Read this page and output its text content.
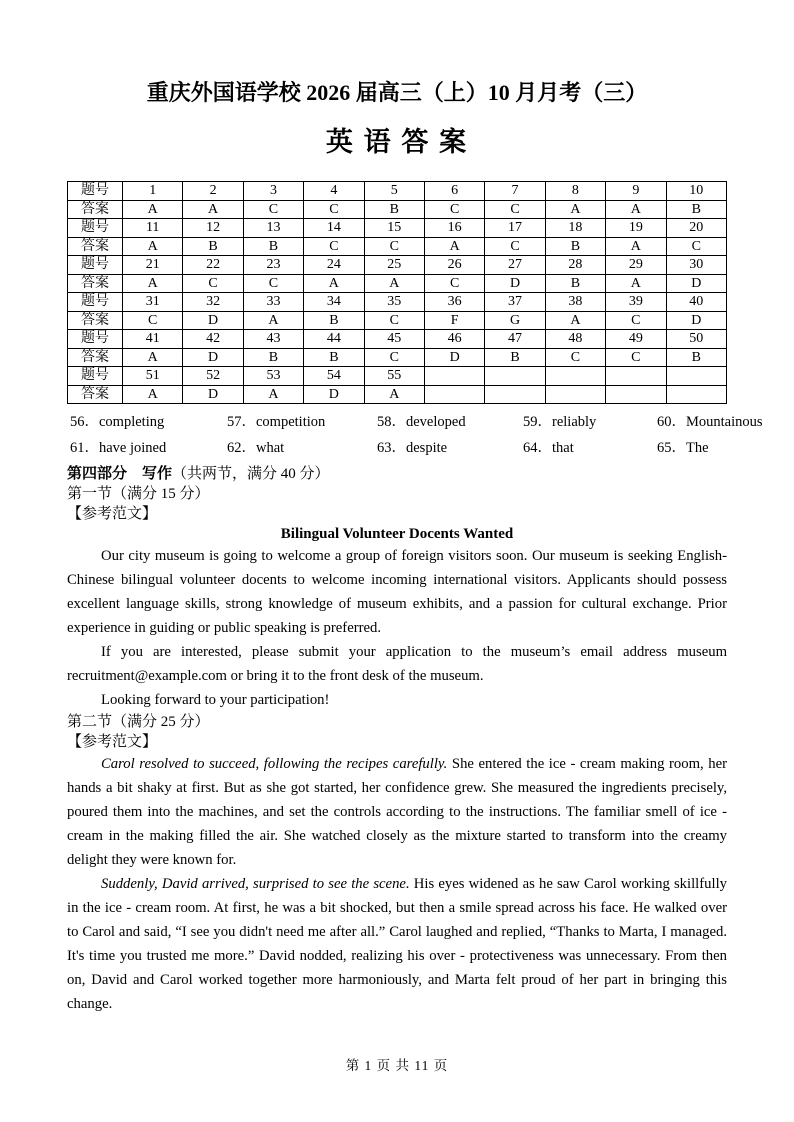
重庆外国语学校 2026 届高三（上）10 月月考（三）
英 语 答 案
题号	1	2	3	4	5	6	7	8	9	10
答案	A	A	C	C	B	C	C	A	A	B
题号	11	12	13	14	15	16	17	18	19	20
答案	A	B	B	C	C	A	C	B	A	C
题号	21	22	23	24	25	26	27	28	29	30
答案	A	C	C	A	A	C	D	B	A	D
题号	31	32	33	34	35	36	37	38	39	40
答案	C	D	A	B	C	F	G	A	C	D
题号	41	42	43	44	45	46	47	48	49	50
答案	A	D	B	B	C	D	B	C	C	B
题号	51	52	53	54	55					
答案	A	D	A	D	A					
56．completing	57．competition	58．developed	59．reliably	60．Mountainous
61．have joined	62．what	63．despite	64．that	65．The
第四部分　写作（共两节，满分 40 分）
第一节（满分 15 分）
【参考范文】
Bilingual Volunteer Docents Wanted

Our city museum is going to welcome a group of foreign visitors soon. Our museum is seeking English-Chinese bilingual volunteer docents to welcome incoming international visitors. Applicants should possess excellent language skills, strong knowledge of museum exhibits, and a passion for cultural exchange. Prior experience in guiding or public speaking is preferred.

If you are interested, please submit your application to the museum’s email address museum recruitment@example.com or bring it to the front desk of the museum.

Looking forward to your participation!

第二节（满分 25 分）
【参考范文】

Carol resolved to succeed, following the recipes carefully. She entered the ice - cream making room, her hands a bit shaky at first. But as she got started, her confidence grew. She measured the ingredients precisely, poured them into the machines, and set the controls according to the instructions. The familiar smell of ice - cream in the making filled the air. She watched closely as the mixture started to transform into the creamy delight they were known for.

Suddenly, David arrived, surprised to see the scene. His eyes widened as he saw Carol working skillfully in the ice - cream room. At first, he was a bit shocked, but then a smile spread across his face. He walked over to Carol and said, “I see you didn't need me after all.” Carol laughed and replied, “Thanks to Marta, I managed. It's time you trusted me more.” David nodded, realizing his over - protectiveness was unnecessary. From then on, David and Carol worked together more harmoniously, and Marta felt proud of her part in bringing this change.

第 1 页 共 11 页
